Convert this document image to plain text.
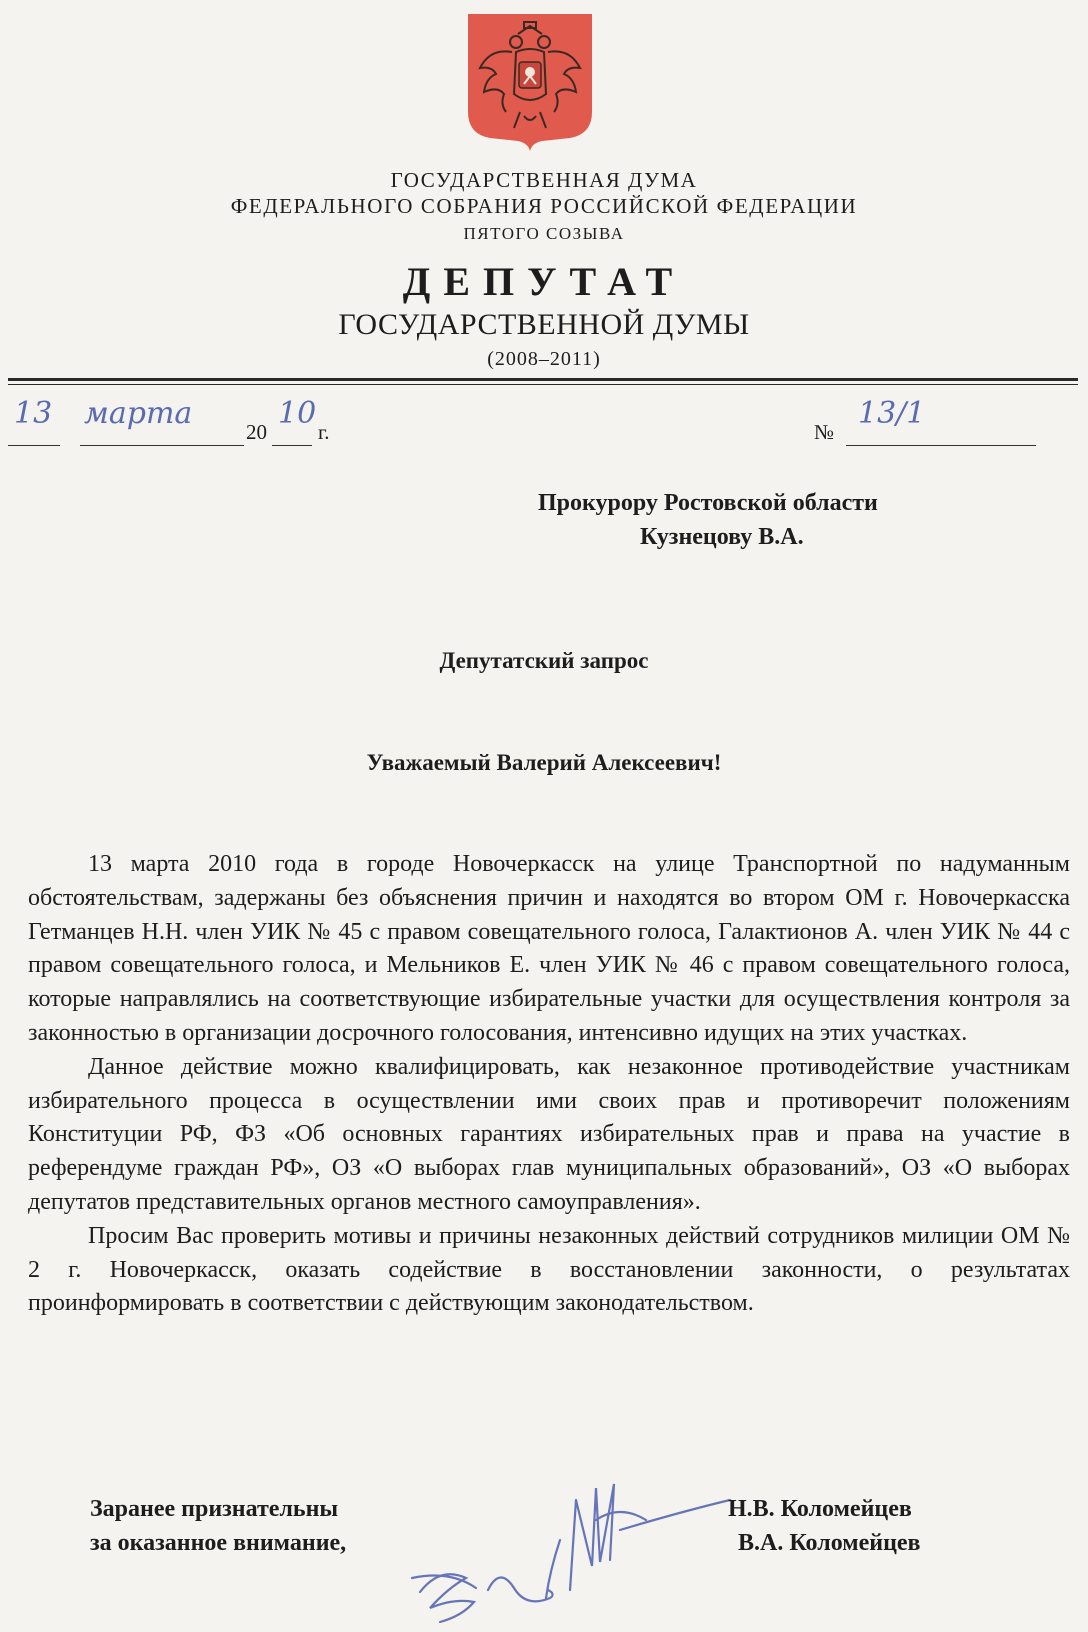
ГОСУДАРСТВЕННАЯ ДУМА
ФЕДЕРАЛЬНОГО СОБРАНИЯ РОССИЙСКОЙ ФЕДЕРАЦИИ
ПЯТОГО СОЗЫВА
ДЕПУТАТ
ГОСУДАРСТВЕННОЙ ДУМЫ
(2008–2011)
13 марта
20
10
г.	№
13/1
Прокурору Ростовской области
Кузнецову В.А.
Депутатский запрос
Уважаемый Валерий Алексеевич!

13 марта 2010 года в городе Новочеркасск на улице Транспортной по надуманным обстоятельствам, задержаны без объяснения причин и находятся во втором ОМ г. Новочеркасска Гетманцев Н.Н. член УИК № 45 с правом совещательного голоса, Галактионов А. член УИК № 44 с правом совещательного голоса, и Мельников Е. член УИК № 46 с правом совещательного голоса, которые направлялись на соответствующие избирательные участки для осуществления контроля за законностью в организации досрочного голосования, интенсивно идущих на этих участках.

Данное действие можно квалифицировать, как незаконное противодействие участникам избирательного процесса в осуществлении ими своих прав и противоречит положениям Конституции РФ, ФЗ «Об основных гарантиях избирательных прав и права на участие в референдуме граждан РФ», ОЗ «О выборах глав муниципальных образований», ОЗ «О выборах депутатов представительных органов местного самоуправления».

Просим Вас проверить мотивы и причины незаконных действий сотрудников милиции ОМ № 2 г. Новочеркасск, оказать содействие в восстановлении законности, о результатах проинформировать в соответствии с действующим законодательством.

Заранее признательны
за оказанное внимание,
Н.В. Коломейцев
В.А. Коломейцев
